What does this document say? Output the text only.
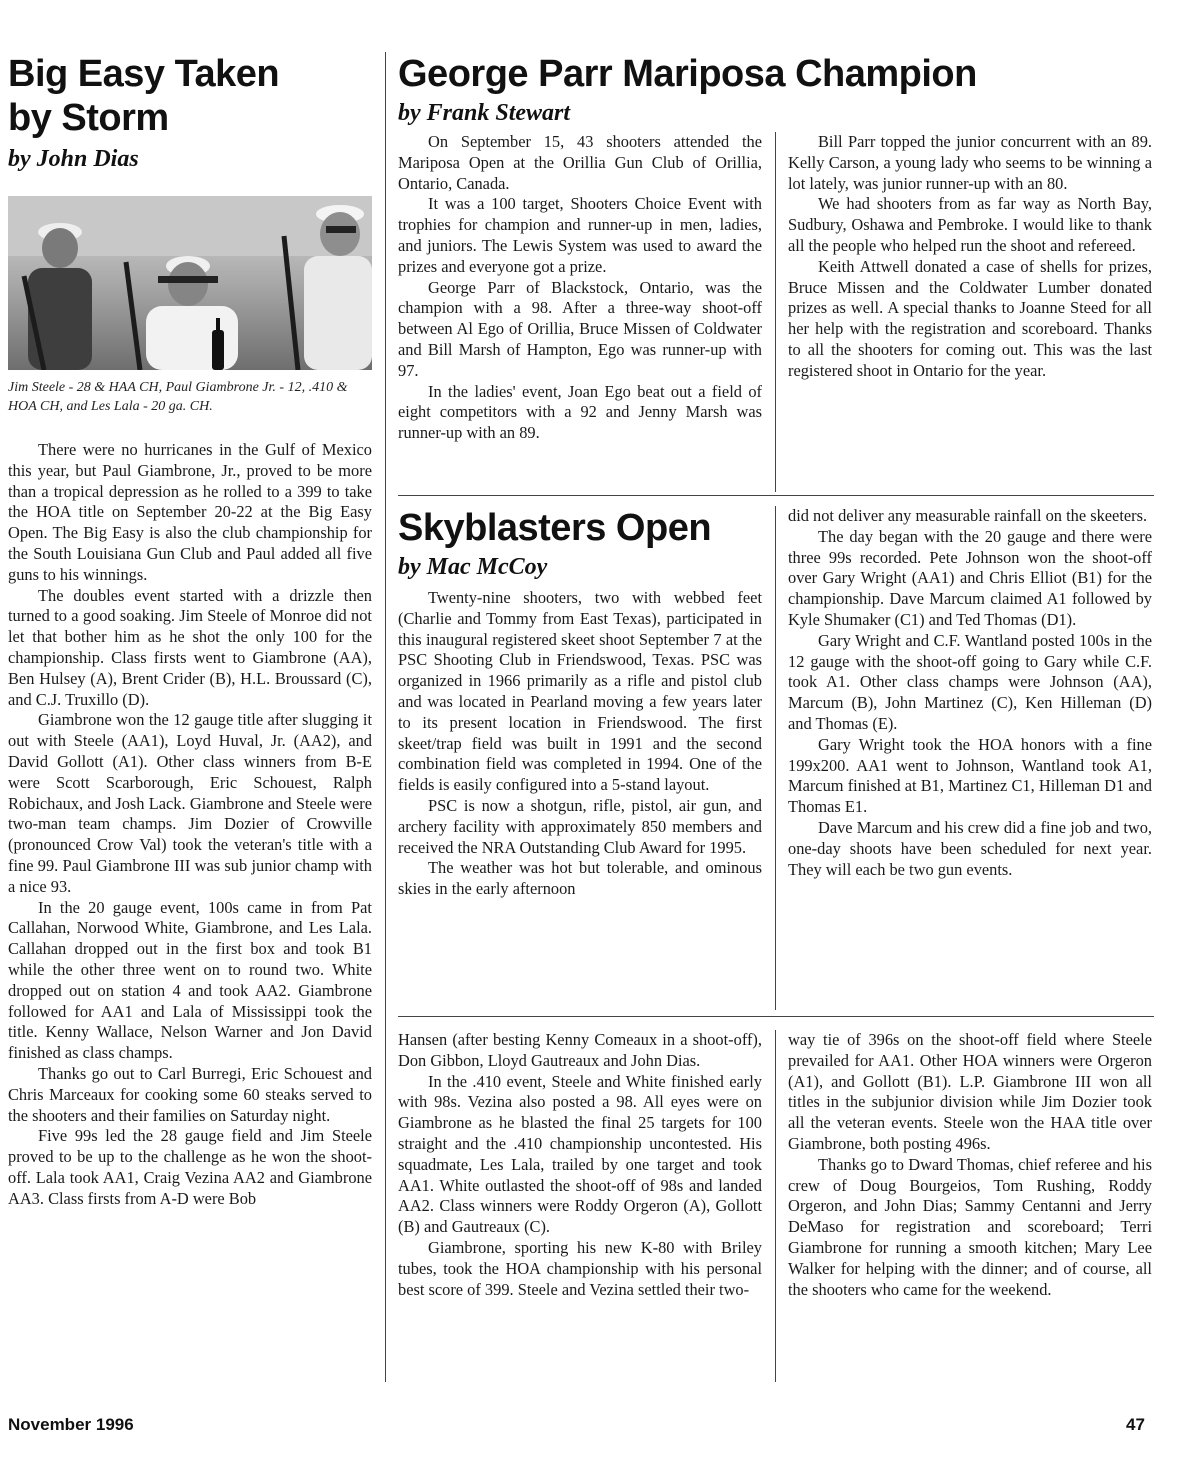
Big Easy Taken
by Storm
by John Dias
Jim Steele - 28 & HAA CH, Paul Giambrone Jr. - 12, .410 & HOA CH, and Les Lala - 20 ga. CH.

There were no hurricanes in the Gulf of Mexico this year, but Paul Giambrone, Jr., proved to be more than a tropical depression as he rolled to a 399 to take the HOA title on September 20-22 at the Big Easy Open. The Big Easy is also the club championship for the South Louisiana Gun Club and Paul added all five guns to his winnings.

The doubles event started with a drizzle then turned to a good soaking. Jim Steele of Monroe did not let that bother him as he shot the only 100 for the championship. Class firsts went to Giambrone (AA), Ben Hulsey (A), Brent Crider (B), H.L. Broussard (C), and C.J. Truxillo (D).

Giambrone won the 12 gauge title after slugging it out with Steele (AA1), Loyd Huval, Jr. (AA2), and David Gollott (A1). Other class winners from B-E were Scott Scarborough, Eric Schouest, Ralph Robichaux, and Josh Lack. Giambrone and Steele were two-man team champs. Jim Dozier of Crowville (pronounced Crow Val) took the veteran's title with a fine 99. Paul Giambrone III was sub junior champ with a nice 93.

In the 20 gauge event, 100s came in from Pat Callahan, Norwood White, Giambrone, and Les Lala. Callahan dropped out in the first box and took B1 while the other three went on to round two. White dropped out on station 4 and took AA2. Giambrone followed for AA1 and Lala of Mississippi took the title. Kenny Wallace, Nelson Warner and Jon David finished as class champs.

Thanks go out to Carl Burregi, Eric Schouest and Chris Marceaux for cooking some 60 steaks served to the shooters and their families on Saturday night.

Five 99s led the 28 gauge field and Jim Steele proved to be up to the challenge as he won the shoot-off. Lala took AA1, Craig Vezina AA2 and Giambrone AA3. Class firsts from A-D were Bob

Hansen (after besting Kenny Comeaux in a shoot-off), Don Gibbon, Lloyd Gautreaux and John Dias.

In the .410 event, Steele and White finished early with 98s. Vezina also posted a 98. All eyes were on Giambrone as he blasted the final 25 targets for 100 straight and the .410 championship uncontested. His squadmate, Les Lala, trailed by one target and took AA1. White outlasted the shoot-off of 98s and landed AA2. Class winners were Roddy Orgeron (A), Gollott (B) and Gautreaux (C).

Giambrone, sporting his new K-80 with Briley tubes, took the HOA championship with his personal best score of 399. Steele and Vezina settled their two-

way tie of 396s on the shoot-off field where Steele prevailed for AA1. Other HOA winners were Orgeron (A1), and Gollott (B1). L.P. Giambrone III won all titles in the subjunior division while Jim Dozier took all the veteran events. Steele won the HAA title over Giambrone, both posting 496s.

Thanks go to Dward Thomas, chief referee and his crew of Doug Bourgeios, Tom Rushing, Roddy Orgeron, and John Dias; Sammy Centanni and Jerry DeMaso for registration and scoreboard; Terri Giambrone for running a smooth kitchen; Mary Lee Walker for helping with the dinner; and of course, all the shooters who came for the weekend.

George Parr Mariposa Champion
by Frank Stewart

On September 15, 43 shooters attended the Mariposa Open at the Orillia Gun Club of Orillia, Ontario, Canada.

It was a 100 target, Shooters Choice Event with trophies for champion and runner-up in men, ladies, and juniors. The Lewis System was used to award the prizes and everyone got a prize.

George Parr of Blackstock, Ontario, was the champion with a 98. After a three-way shoot-off between Al Ego of Orillia, Bruce Missen of Coldwater and Bill Marsh of Hampton, Ego was runner-up with 97.

In the ladies' event, Joan Ego beat out a field of eight competitors with a 92 and Jenny Marsh was runner-up with an 89.

Bill Parr topped the junior concurrent with an 89. Kelly Carson, a young lady who seems to be winning a lot lately, was junior runner-up with an 80.

We had shooters from as far way as North Bay, Sudbury, Oshawa and Pembroke. I would like to thank all the people who helped run the shoot and refereed.

Keith Attwell donated a case of shells for prizes, Bruce Missen and the Coldwater Lumber donated prizes as well. A special thanks to Joanne Steed for all her help with the registration and scoreboard. Thanks to all the shooters for coming out. This was the last registered shoot in Ontario for the year.

Skyblasters Open
by Mac McCoy

Twenty-nine shooters, two with webbed feet (Charlie and Tommy from East Texas), participated in this inaugural registered skeet shoot September 7 at the PSC Shooting Club in Friendswood, Texas. PSC was organized in 1966 primarily as a rifle and pistol club and was located in Pearland moving a few years later to its present location in Friendswood. The first skeet/trap field was built in 1991 and the second combination field was completed in 1994. One of the fields is easily configured into a 5-stand layout.

PSC is now a shotgun, rifle, pistol, air gun, and archery facility with approximately 850 members and received the NRA Outstanding Club Award for 1995.

The weather was hot but tolerable, and ominous skies in the early afternoon

did not deliver any measurable rainfall on the skeeters.

The day began with the 20 gauge and there were three 99s recorded. Pete Johnson won the shoot-off over Gary Wright (AA1) and Chris Elliot (B1) for the championship. Dave Marcum claimed A1 followed by Kyle Shumaker (C1) and Ted Thomas (D1).

Gary Wright and C.F. Wantland posted 100s in the 12 gauge with the shoot-off going to Gary while C.F. took A1. Other class champs were Johnson (AA), Marcum (B), John Martinez (C), Ken Hilleman (D) and Thomas (E).

Gary Wright took the HOA honors with a fine 199x200. AA1 went to Johnson, Wantland took A1, Marcum finished at B1, Martinez C1, Hilleman D1 and Thomas E1.

Dave Marcum and his crew did a fine job and two, one-day shoots have been scheduled for next year. They will each be two gun events.

November 1996	47
